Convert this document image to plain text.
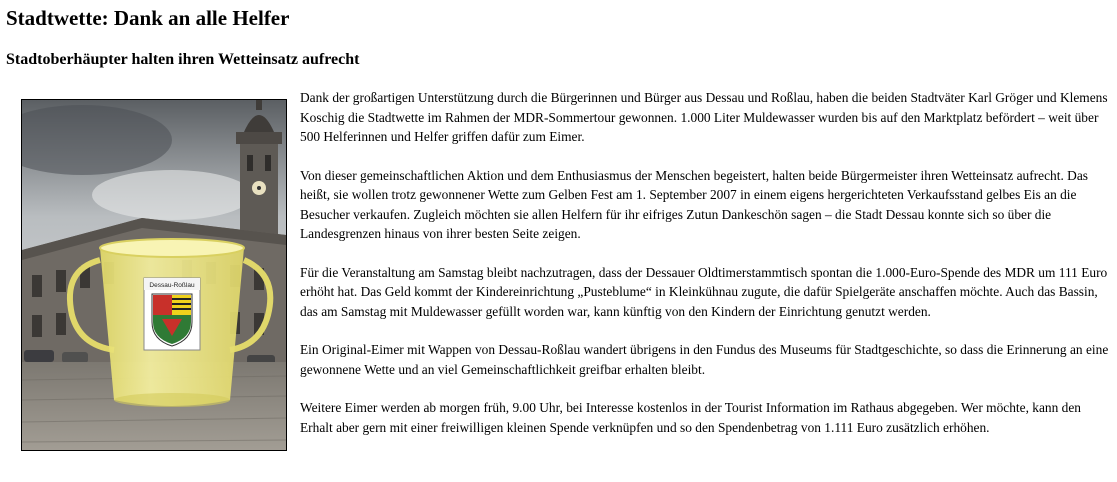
Stadtwette: Dank an alle Helfer
Stadtoberhäupter halten ihren Wetteinsatz aufrecht
Dessau-Roßlau

Dank der großartigen Unterstützung durch die Bürgerinnen und Bürger aus Dessau und Roßlau, haben die beiden Stadtväter Karl Gröger und Klemens Koschig die Stadtwette im Rahmen der MDR-Sommertour gewonnen. 1.000 Liter Muldewasser wurden bis auf den Marktplatz befördert – weit über 500 Helferinnen und Helfer griffen dafür zum Eimer.

Von dieser gemeinschaftlichen Aktion und dem Enthusiasmus der Menschen begeistert, halten beide Bürgermeister ihren Wetteinsatz aufrecht. Das heißt, sie wollen trotz gewonnener Wette zum Gelben Fest am 1. September 2007 in einem eigens hergerichteten Verkaufsstand gelbes Eis an die Besucher verkaufen. Zugleich möchten sie allen Helfern für ihr eifriges Zutun Dankeschön sagen – die Stadt Dessau konnte sich so über die Landesgrenzen hinaus von ihrer besten Seite zeigen.

Für die Veranstaltung am Samstag bleibt nachzutragen, dass der Dessauer Oldtimerstammtisch spontan die 1.000-Euro-Spende des MDR um 111 Euro erhöht hat. Das Geld kommt der Kindereinrichtung „Pusteblume“ in Kleinkühnau zugute, die dafür Spielgeräte anschaffen möchte. Auch das Bassin, das am Samstag mit Muldewasser gefüllt worden war, kann künftig von den Kindern der Einrichtung genutzt werden.

Ein Original-Eimer mit Wappen von Dessau-Roßlau wandert übrigens in den Fundus des Museums für Stadtgeschichte, so dass die Erinnerung an eine gewonnene Wette und an viel Gemeinschaftlichkeit greifbar erhalten bleibt.

Weitere Eimer werden ab morgen früh, 9.00 Uhr, bei Interesse kostenlos in der Tourist Information im Rathaus abgegeben. Wer möchte, kann den Erhalt aber gern mit einer freiwilligen kleinen Spende verknüpfen und so den Spendenbetrag von 1.111 Euro zusätzlich erhöhen.
